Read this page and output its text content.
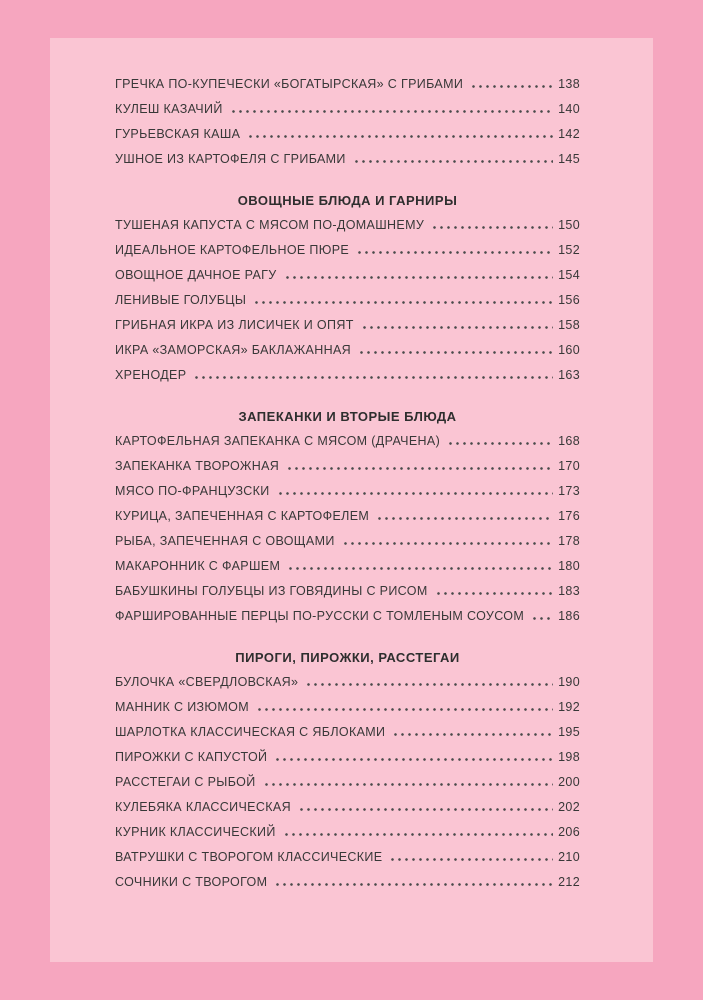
ГРЕЧКА ПО-КУПЕЧЕСКИ «БОГАТЫРСКАЯ» С ГРИБАМИ	138
КУЛЕШ КАЗАЧИЙ	140
ГУРЬЕВСКАЯ КАША	142
УШНОЕ ИЗ КАРТОФЕЛЯ С ГРИБАМИ	145
ОВОЩНЫЕ БЛЮДА И ГАРНИРЫ
ТУШЕНАЯ КАПУСТА С МЯСОМ ПО-ДОМАШНЕМУ	150
ИДЕАЛЬНОЕ КАРТОФЕЛЬНОЕ ПЮРЕ	152
ОВОЩНОЕ ДАЧНОЕ РАГУ	154
ЛЕНИВЫЕ ГОЛУБЦЫ	156
ГРИБНАЯ ИКРА ИЗ ЛИСИЧЕК И ОПЯТ	158
ИКРА «ЗАМОРСКАЯ» БАКЛАЖАННАЯ	160
ХРЕНОДЕР	163
ЗАПЕКАНКИ И ВТОРЫЕ БЛЮДА
КАРТОФЕЛЬНАЯ ЗАПЕКАНКА С МЯСОМ (ДРАЧЕНА)	168
ЗАПЕКАНКА ТВОРОЖНАЯ	170
МЯСО ПО-ФРАНЦУЗСКИ	173
КУРИЦА, ЗАПЕЧЕННАЯ С КАРТОФЕЛЕМ	176
РЫБА, ЗАПЕЧЕННАЯ С ОВОЩАМИ	178
МАКАРОННИК С ФАРШЕМ	180
БАБУШКИНЫ ГОЛУБЦЫ ИЗ ГОВЯДИНЫ С РИСОМ	183
ФАРШИРОВАННЫЕ ПЕРЦЫ ПО-РУССКИ С ТОМЛЕНЫМ СОУСОМ	186
ПИРОГИ, ПИРОЖКИ, РАССТЕГАИ
БУЛОЧКА «СВЕРДЛОВСКАЯ»	190
МАННИК С ИЗЮМОМ	192
ШАРЛОТКА КЛАССИЧЕСКАЯ С ЯБЛОКАМИ	195
ПИРОЖКИ С КАПУСТОЙ	198
РАССТЕГАИ С РЫБОЙ	200
КУЛЕБЯКА КЛАССИЧЕСКАЯ	202
КУРНИК КЛАССИЧЕСКИЙ	206
ВАТРУШКИ С ТВОРОГОМ КЛАССИЧЕСКИЕ	210
СОЧНИКИ С ТВОРОГОМ	212
